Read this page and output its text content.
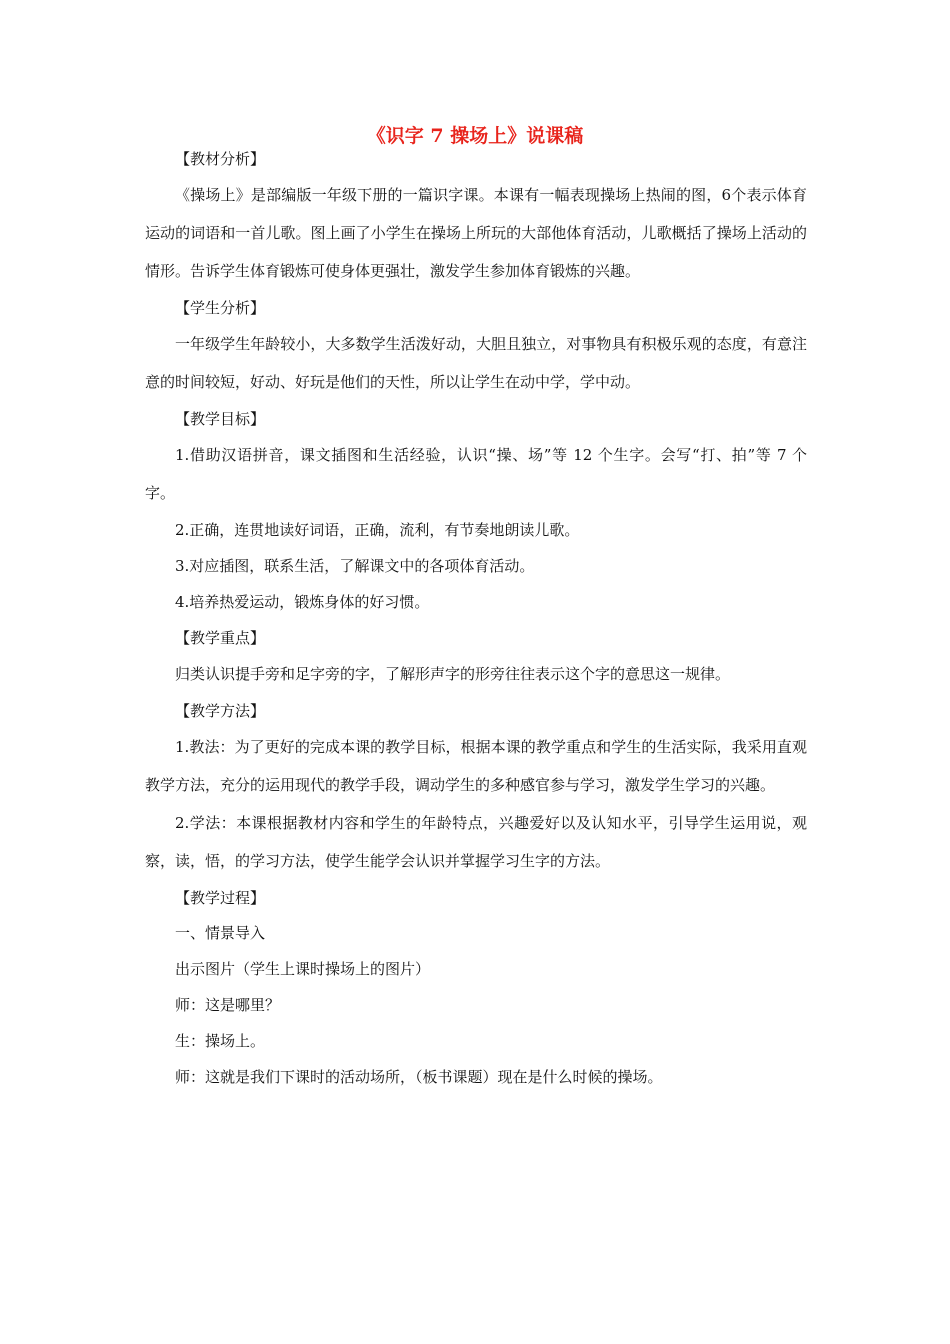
《识字 7 操场上》说课稿
【教材分析】

《操场上》是部编版一年级下册的一篇识字课。本课有一幅表现操场上热闹的图，6个表示体育运动的词语和一首儿歌。图上画了小学生在操场上所玩的大部他体育活动，儿歌概括了操场上活动的情形。告诉学生体育锻炼可使身体更强壮，激发学生参加体育锻炼的兴趣。

【学生分析】

一年级学生年龄较小，大多数学生活泼好动，大胆且独立，对事物具有积极乐观的态度，有意注意的时间较短，好动、好玩是他们的天性，所以让学生在动中学，学中动。

【教学目标】

1.借助汉语拼音，课文插图和生活经验，认识“操、场”等 12 个生字。会写“打、拍”等 7 个字。

2.正确，连贯地读好词语，正确，流利，有节奏地朗读儿歌。

3.对应插图，联系生活，了解课文中的各项体育活动。

4.培养热爱运动，锻炼身体的好习惯。

【教学重点】

归类认识提手旁和足字旁的字，了解形声字的形旁往往表示这个字的意思这一规律。

【教学方法】

1.教法：为了更好的完成本课的教学目标，根据本课的教学重点和学生的生活实际，我采用直观教学方法，充分的运用现代的教学手段，调动学生的多种感官参与学习，激发学生学习的兴趣。

2.学法：本课根据教材内容和学生的年龄特点，兴趣爱好以及认知水平，引导学生运用说，观察，读，悟，的学习方法，使学生能学会认识并掌握学习生字的方法。

【教学过程】

一、情景导入

出示图片（学生上课时操场上的图片）

师：这是哪里？

生：操场上。

师：这就是我们下课时的活动场所，（板书课题）现在是什么时候的操场。
